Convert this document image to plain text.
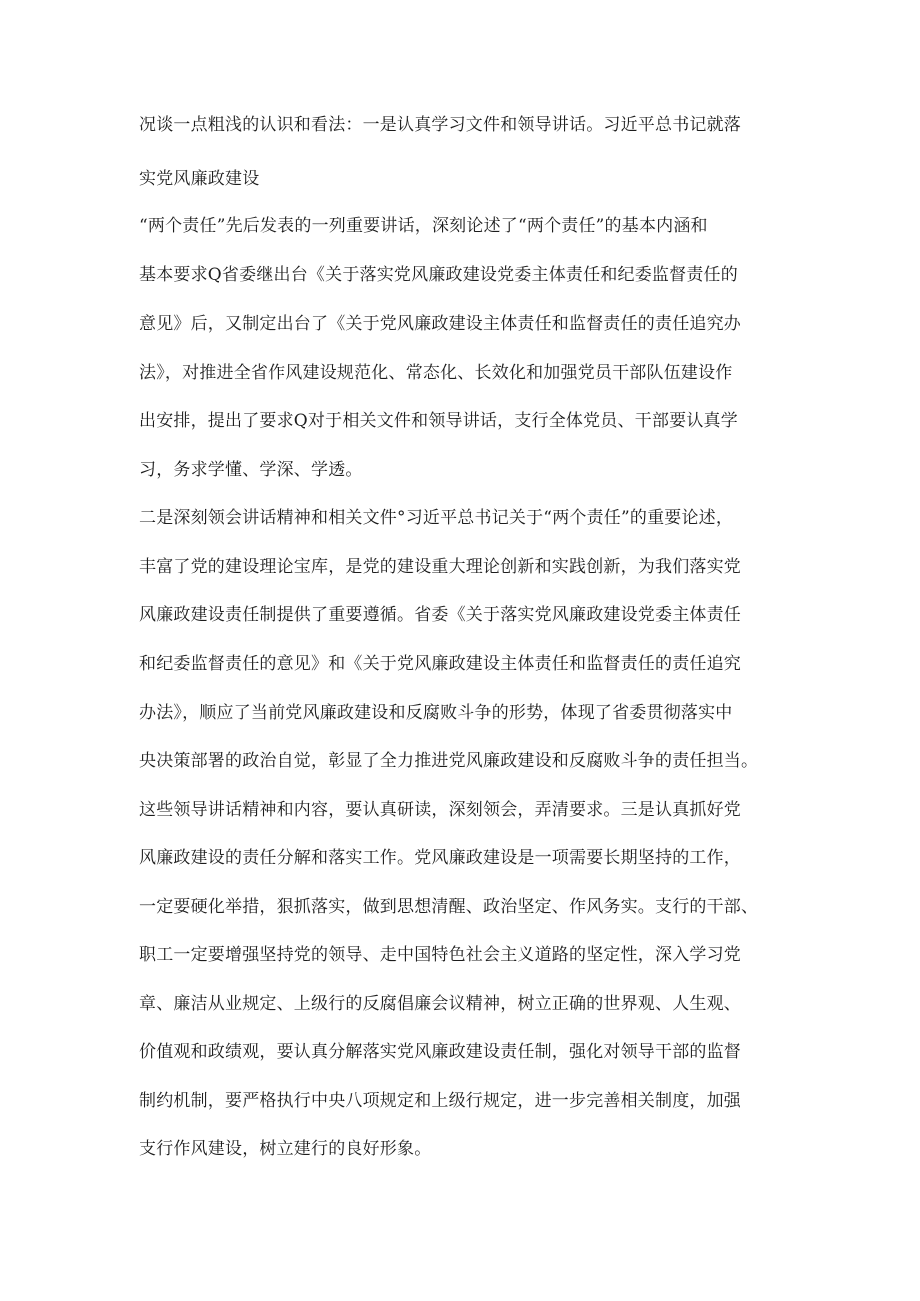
况谈一点粗浅的认识和看法：一是认真学习文件和领导讲话。习近平总书记就落
实党风廉政建设
“两个责任”先后发表的一列重要讲话，深刻论述了“两个责任”的基本内涵和
基本要求Q省委继出台《关于落实党风廉政建设党委主体责任和纪委监督责任的
意见》后，又制定出台了《关于党风廉政建设主体责任和监督责任的责任追究办
法》，对推进全省作风建设规范化、常态化、长效化和加强党员干部队伍建设作
出安排，提出了要求Q对于相关文件和领导讲话，支行全体党员、干部要认真学
习，务求学懂、学深、学透。
二是深刻领会讲话精神和相关文件°习近平总书记关于“两个责任”的重要论述，
丰富了党的建设理论宝库，是党的建设重大理论创新和实践创新，为我们落实党
风廉政建设责任制提供了重要遵循。省委《关于落实党风廉政建设党委主体责任
和纪委监督责任的意见》和《关于党风廉政建设主体责任和监督责任的责任追究
办法》，顺应了当前党风廉政建设和反腐败斗争的形势，体现了省委贯彻落实中
央决策部署的政治自觉，彰显了全力推进党风廉政建设和反腐败斗争的责任担当。
这些领导讲话精神和内容，要认真研读，深刻领会，弄清要求。三是认真抓好党
风廉政建设的责任分解和落实工作。党风廉政建设是一项需要长期坚持的工作，
一定要硬化举措，狠抓落实，做到思想清醒、政治坚定、作风务实。支行的干部、
职工一定要增强坚持党的领导、走中国特色社会主义道路的坚定性，深入学习党
章、廉洁从业规定、上级行的反腐倡廉会议精神，树立正确的世界观、人生观、
价值观和政绩观，要认真分解落实党风廉政建设责任制，强化对领导干部的监督
制约机制，要严格执行中央八项规定和上级行规定，进一步完善相关制度，加强
支行作风建设，树立建行的良好形象。
